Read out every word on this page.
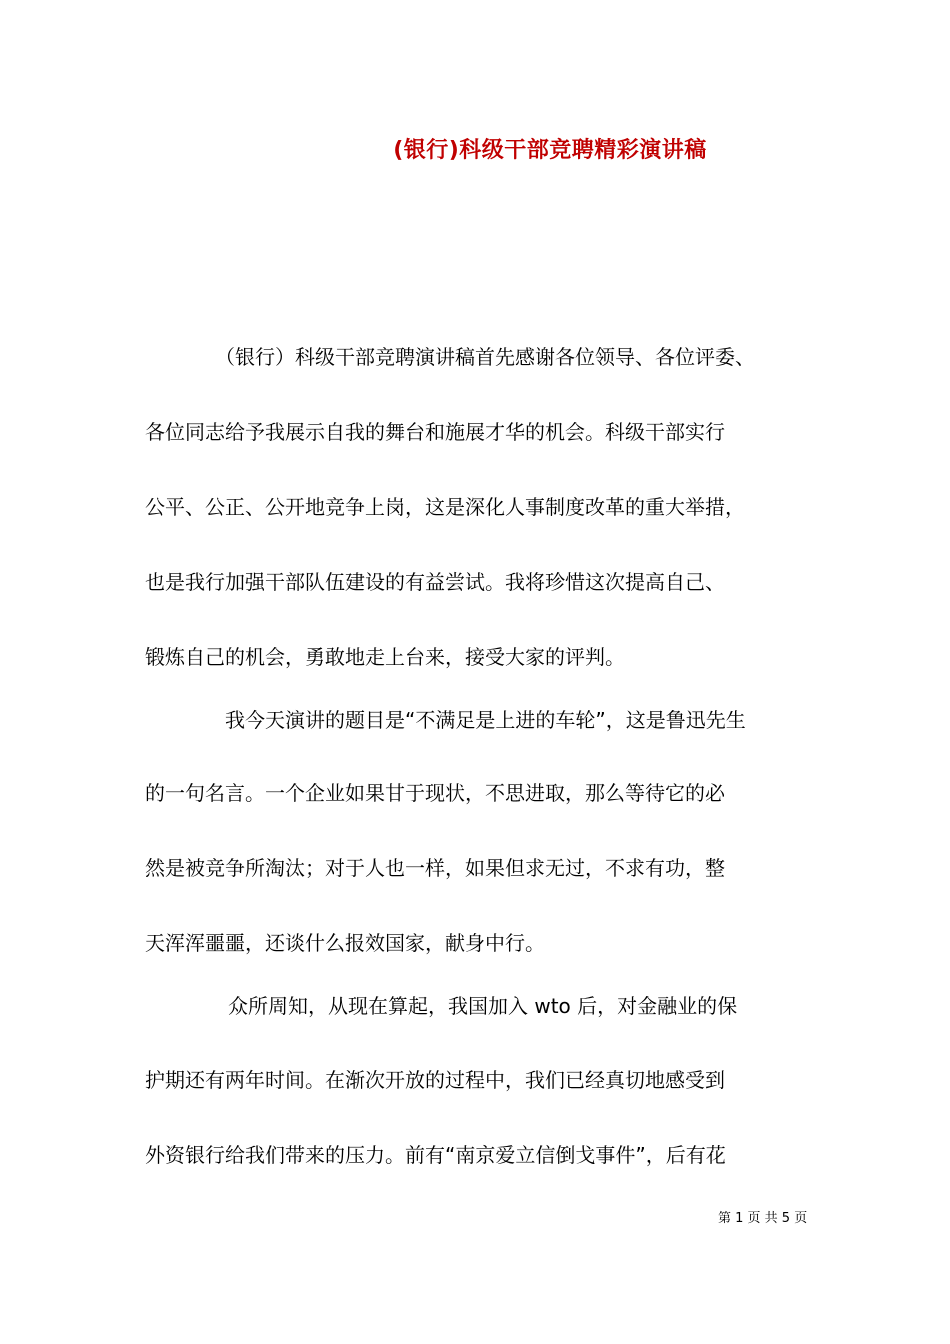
(银行)科级干部竞聘精彩演讲稿
（银行）科级干部竞聘演讲稿首先感谢各位领导、各位评委、
各位同志给予我展示自我的舞台和施展才华的机会。科级干部实行
公平、公正、公开地竞争上岗，这是深化人事制度改革的重大举措，
也是我行加强干部队伍建设的有益尝试。我将珍惜这次提高自己、
锻炼自己的机会，勇敢地走上台来，接受大家的评判。
我今天演讲的题目是“不满足是上进的车轮”，这是鲁迅先生
的一句名言。一个企业如果甘于现状，不思进取，那么等待它的必
然是被竞争所淘汰；对于人也一样，如果但求无过，不求有功，整
天浑浑噩噩，还谈什么报效国家，献身中行。
众所周知，从现在算起，我国加入 wto 后，对金融业的保
护期还有两年时间。在渐次开放的过程中，我们已经真切地感受到
外资银行给我们带来的压力。前有“南京爱立信倒戈事件”，后有花
第 1 页 共 5 页
